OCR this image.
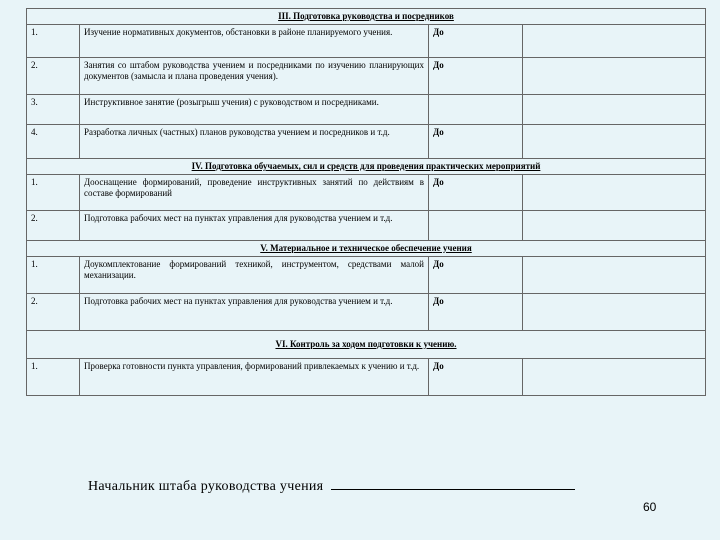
III. Подготовка руководства и посредников			
1.	Изучение нормативных документов, обстановки в районе планируемого учения.	До	
2.	Занятия со штабом руководства учением и посредниками по изучению планирующих документов (замысла и плана проведения учения).	До	
3.	Инструктивное занятие (розыгрыш учения) с руководством и посредниками.		
4.	Разработка личных (частных) планов руководства учением и посредников и т.д.	До	
IV. Подготовка обучаемых, сил и средств для проведения практических мероприятий			
1.	Дооснащение формирований, проведение инструктивных занятий по действиям в составе формирований	До	
2.	Подготовка рабочих мест на пунктах управления для руководства учением и т.д.		
V. Материальное и техническое обеспечение учения			
1.	Доукомплектование формирований техникой, инструментом, средствами малой механизации.	До	
2.	Подготовка рабочих мест на пунктах управления для руководства учением и т.д.	До	
VI. Контроль за ходом подготовки к учению.			
1.	Проверка готовности пункта управления, формирований привлекаемых к учению и т.д.	До	
Начальник штаба руководства учения
60
